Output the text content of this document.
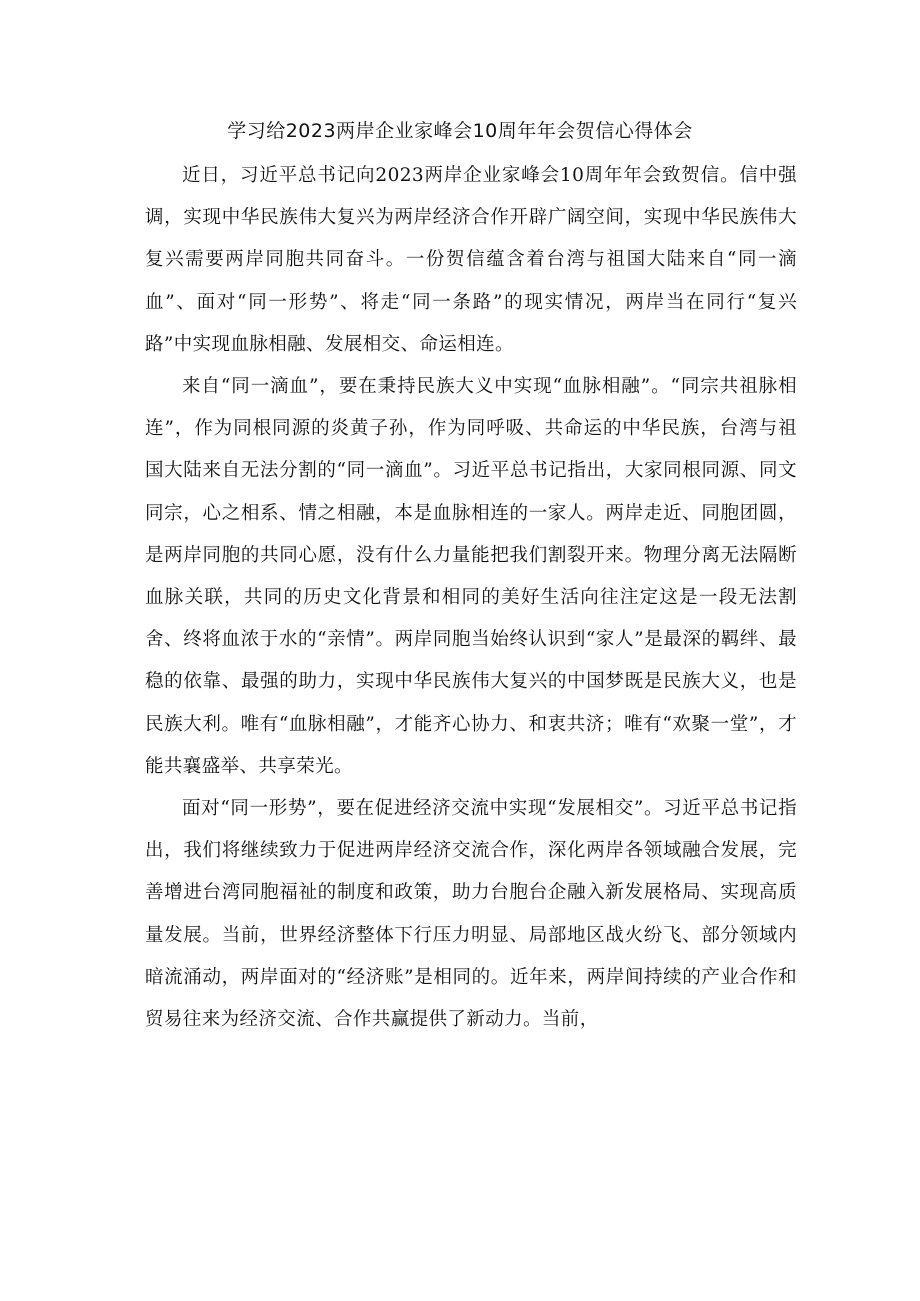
学习给2023两岸企业家峰会10周年年会贺信心得体会

近日，习近平总书记向2023两岸企业家峰会10周年年会致贺信。信中强调，实现中华民族伟大复兴为两岸经济合作开辟广阔空间，实现中华民族伟大复兴需要两岸同胞共同奋斗。一份贺信蕴含着台湾与祖国大陆来自“同一滴血”、面对“同一形势”、将走“同一条路”的现实情况，两岸当在同行“复兴路”中实现血脉相融、发展相交、命运相连。

来自“同一滴血”，要在秉持民族大义中实现“血脉相融”。“同宗共祖脉相连”，作为同根同源的炎黄子孙，作为同呼吸、共命运的中华民族，台湾与祖国大陆来自无法分割的“同一滴血”。习近平总书记指出，大家同根同源、同文同宗，心之相系、情之相融，本是血脉相连的一家人。两岸走近、同胞团圆，是两岸同胞的共同心愿，没有什么力量能把我们割裂开来。物理分离无法隔断血脉关联，共同的历史文化背景和相同的美好生活向往注定这是一段无法割舍、终将血浓于水的“亲情”。两岸同胞当始终认识到“家人”是最深的羁绊、最稳的依靠、最强的助力，实现中华民族伟大复兴的中国梦既是民族大义，也是民族大利。唯有“血脉相融”，才能齐心协力、和衷共济；唯有“欢聚一堂”，才能共襄盛举、共享荣光。

面对“同一形势”，要在促进经济交流中实现“发展相交”。习近平总书记指出，我们将继续致力于促进两岸经济交流合作，深化两岸各领域融合发展，完善增进台湾同胞福祉的制度和政策，助力台胞台企融入新发展格局、实现高质量发展。当前，世界经济整体下行压力明显、局部地区战火纷飞、部分领域内暗流涌动，两岸面对的“经济账”是相同的。近年来，两岸间持续的产业合作和贸易往来为经济交流、合作共赢提供了新动力。当前，
